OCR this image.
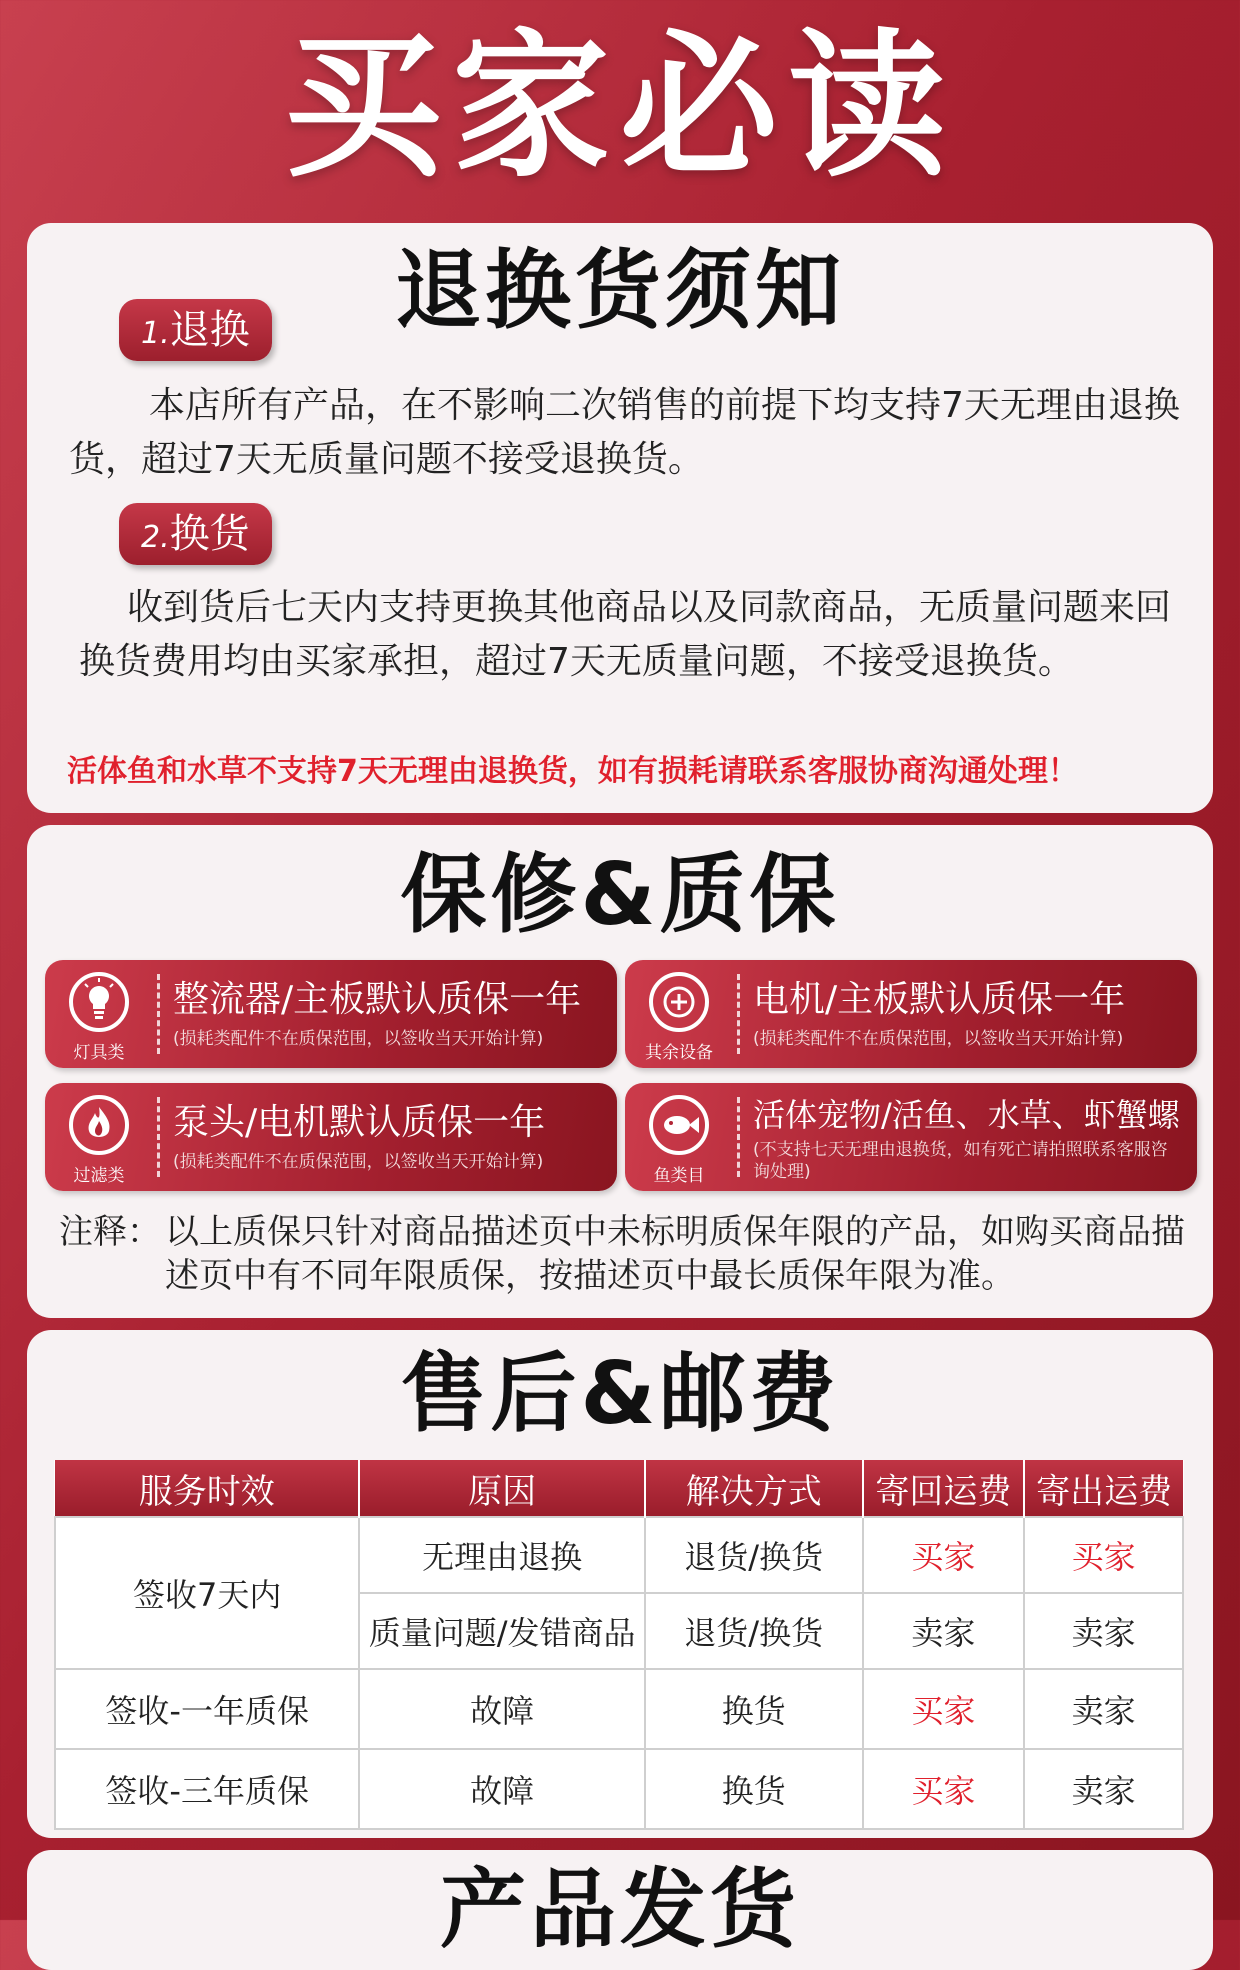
买家必读
退换货须知
1.退换
本店所有产品，在不影响二次销售的前提下均支持7天无理由退换货，超过7天无质量问题不接受退换货。
2.换货
收到货后七天内支持更换其他商品以及同款商品，无质量问题来回换货费用均由买家承担，超过7天无质量问题，不接受退换货。
活体鱼和水草不支持7天无理由退换货，如有损耗请联系客服协商沟通处理！
保修&质保
灯具类
整流器/主板默认质保一年
(损耗类配件不在质保范围，以签收当天开始计算)
其余设备
电机/主板默认质保一年
(损耗类配件不在质保范围，以签收当天开始计算)
过滤类
泵头/电机默认质保一年
(损耗类配件不在质保范围，以签收当天开始计算)
鱼类目
活体宠物/活鱼、水草、虾蟹螺
(不支持七天无理由退换货，如有死亡请拍照联系客服咨询处理)
注释： 以上质保只针对商品描述页中未标明质保年限的产品，如购买商品描述页中有不同年限质保，按描述页中最长质保年限为准。
售后&邮费
服务时效	原因	解决方式	寄回运费	寄出运费
签收7天内	无理由退换	退货/换货	买家	买家
	质量问题/发错商品	退货/换货	卖家	卖家
签收-一年质保	故障	换货	买家	卖家
签收-三年质保	故障	换货	买家	卖家
产品发货
